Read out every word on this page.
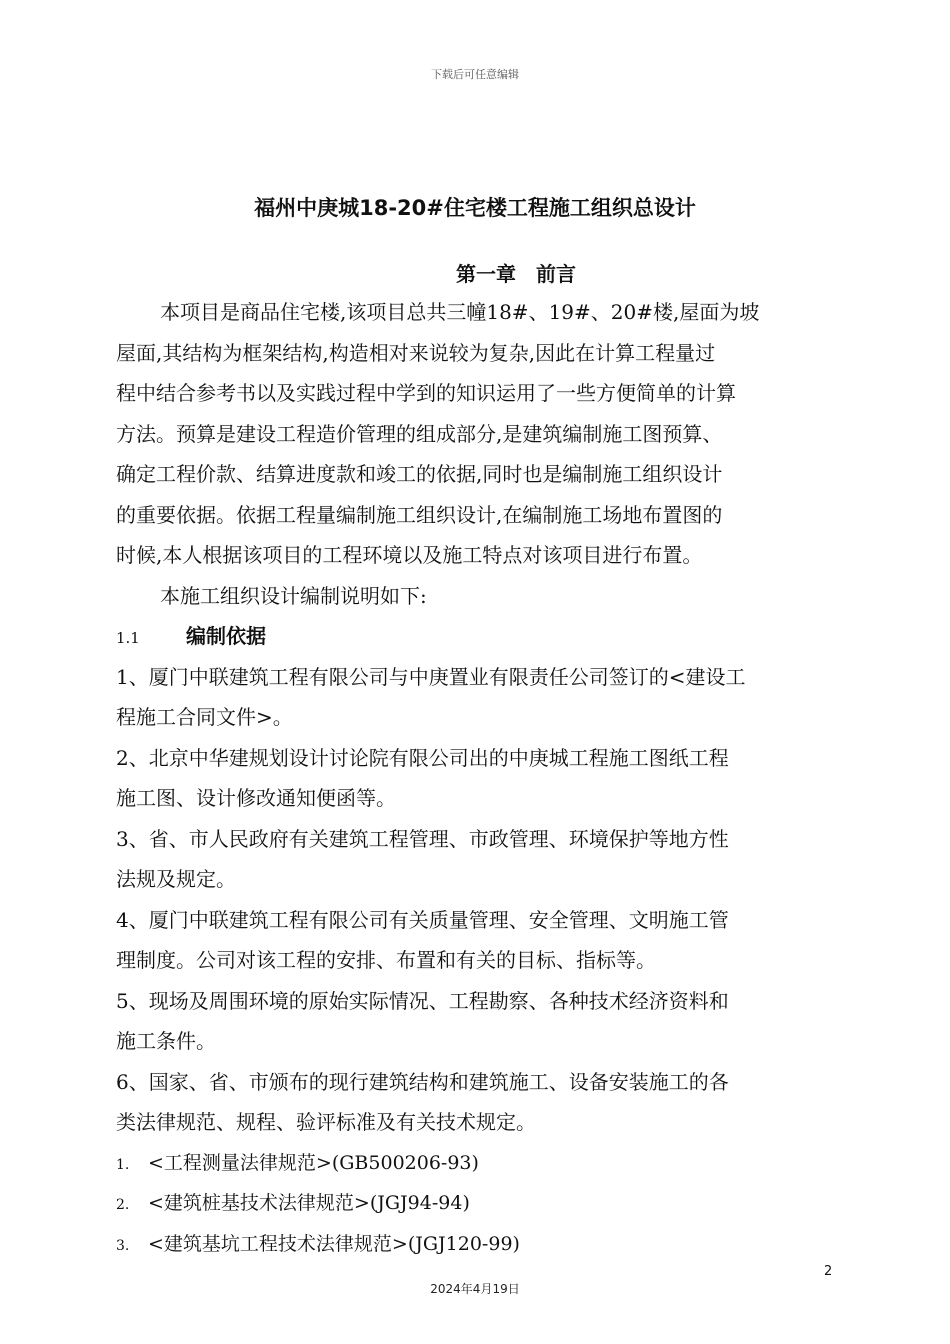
下载后可任意编辑
福州中庚城18-20#住宅楼工程施工组织总设计
第一章　前言
本项目是商品住宅楼,该项目总共三幢18#、19#、20#楼,屋面为坡
屋面,其结构为框架结构,构造相对来说较为复杂,因此在计算工程量过
程中结合参考书以及实践过程中学到的知识运用了一些方便简单的计算
方法。预算是建设工程造价管理的组成部分,是建筑编制施工图预算、
确定工程价款、结算进度款和竣工的依据,同时也是编制施工组织设计
的重要依据。依据工程量编制施工组织设计,在编制施工场地布置图的
时候,本人根据该项目的工程环境以及施工特点对该项目进行布置。
本施工组织设计编制说明如下:
1.1 编制依据
1、厦门中联建筑工程有限公司与中庚置业有限责任公司签订的<建设工
程施工合同文件>。
2、北京中华建规划设计讨论院有限公司出的中庚城工程施工图纸工程
施工图、设计修改通知便函等。
3、省、市人民政府有关建筑工程管理、市政管理、环境保护等地方性
法规及规定。
4、厦门中联建筑工程有限公司有关质量管理、安全管理、文明施工管
理制度。公司对该工程的安排、布置和有关的目标、指标等。
5、现场及周围环境的原始实际情况、工程勘察、各种技术经济资料和
施工条件。
6、国家、省、市颁布的现行建筑结构和建筑施工、设备安装施工的各
类法律规范、规程、验评标准及有关技术规定。
1. <工程测量法律规范>(GB500206-93)
2. <建筑桩基技术法律规范>(JGJ94-94)
3. <建筑基坑工程技术法律规范>(JGJ120-99)
2
2024年4月19日
